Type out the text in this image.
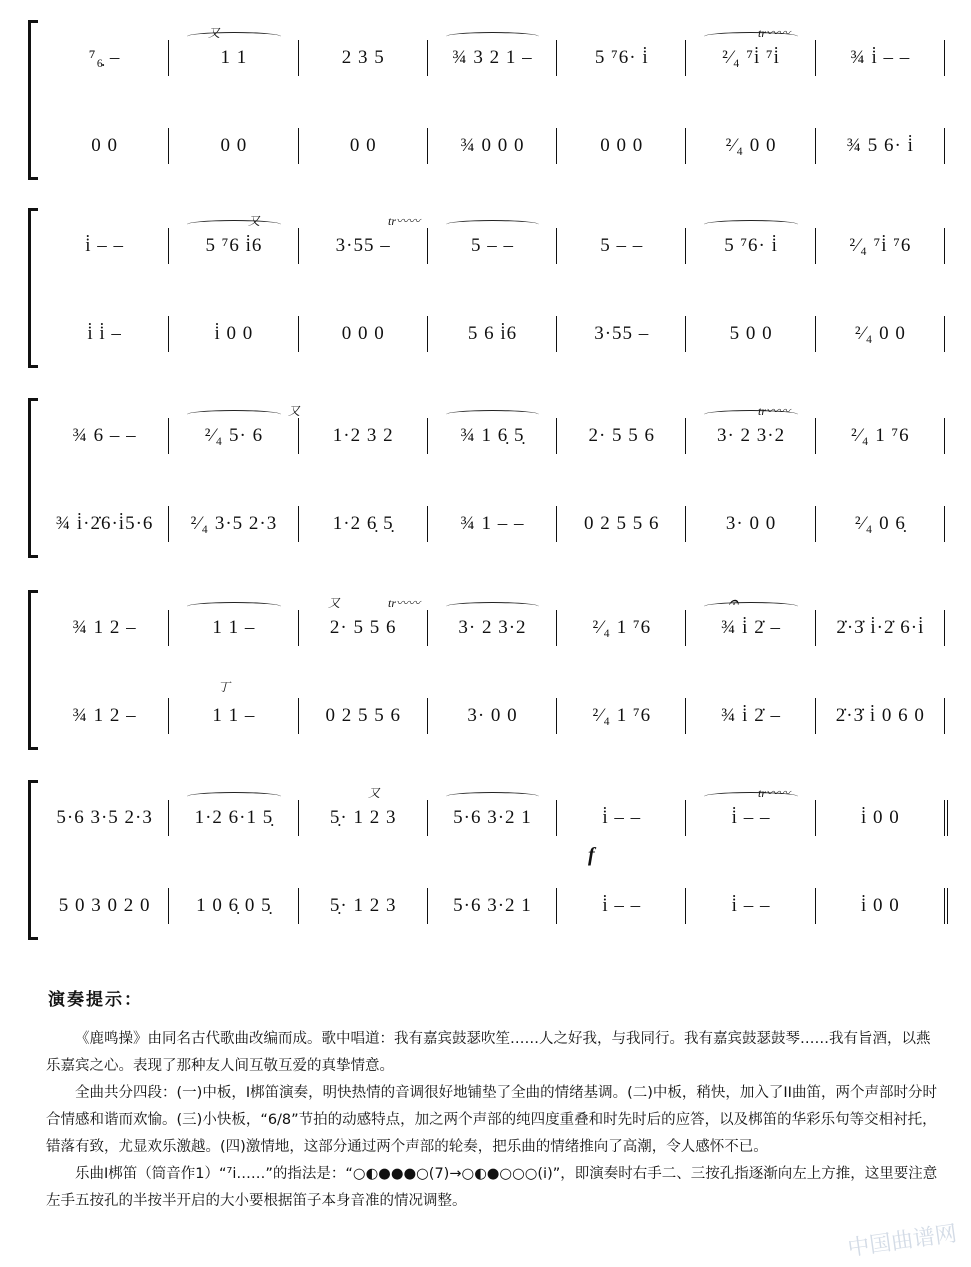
⁷₆̣ –	1 1	2 3 5	¾ 3 2 1 –	5 ⁷6· i̇	²⁄₄ ⁷i̇ ⁷i̇	¾ i̇ – –
0 0	0 0	0 0	¾ 0 0 0	0 0 0	²⁄₄ 0 0	¾ 5 6· i̇
tr〰〰
又
i̇ – –	5 ⁷6 i̇6	3·55 –	5 – –	5 – –	5 ⁷6· i̇	²⁄₄ ⁷i̇ ⁷6
i̇ i̇ –	i̇ 0 0	0 0 0	5 6 i̇6	3·55 –	5 0 0	²⁄₄ 0 0
tr〰〰
又
¾ 6 – –	²⁄₄ 5· 6	1·2 3 2	¾ 1 6̣ 5̣	2· 5 5 6	3· 2 3·2	²⁄₄ 1 ⁷6
¾ i̇·2̇6·i̇5·6	²⁄₄ 3·5 2·3	1·2 6̣ 5̣	¾ 1 – –	0 2 5 5 6	3· 0 0	²⁄₄ 0 6̣
tr〰〰
又
¾ 1 2 –	1 1 –	2· 5 5 6	3· 2 3·2	²⁄₄ 1 ⁷6	¾ i̇ 2̇ –	2̇·3̇ i̇·2̇ 6·i̇
¾ 1 2 –	1 1 –	0 2 5 5 6	3· 0 0	²⁄₄ 1 ⁷6	¾ i̇ 2̇ –	2̇·3̇ i̇ 0 6 0
tr〰〰
又	𝄐
丁
5·6 3·5 2·3	1·2 6·1 5̣	5̣· 1 2 3	5·6 3·2 1	i̇ – –	i̇ – –	i̇ 0 0
5 0 3 0 2 0	1 0 6̣ 0 5̣	5̣· 1 2 3	5·6 3·2 1	i̇ – –	i̇ – –	i̇ 0 0
tr〰〰
又
f
演奏提示：

《鹿鸣操》由同名古代歌曲改编而成。歌中唱道：我有嘉宾鼓瑟吹笙……人之好我，与我同行。我有嘉宾鼓瑟鼓琴……我有旨酒，以燕乐嘉宾之心。表现了那种友人间互敬互爱的真挚情意。

全曲共分四段：(一)中板，I梆笛演奏，明快热情的音调很好地铺垫了全曲的情绪基调。(二)中板，稍快，加入了II曲笛，两个声部时分时合情感和谐而欢愉。(三)小快板，“6/8”节拍的动感特点，加之两个声部的纯四度重叠和时先时后的应答，以及梆笛的华彩乐句等交相衬托，错落有致，尤显欢乐激越。(四)激情地，这部分通过两个声部的轮奏，把乐曲的情绪推向了高潮，令人感怀不已。

乐曲I梆笛（筒音作1）“⁷i……”的指法是：“○◐●●●○(7)→○◐●○○○(i̇)”，即演奏时右手二、三按孔指逐渐向左上方推，这里要注意左手五按孔的半按半开启的大小要根据笛子本身音准的情况调整。

中国曲谱网
